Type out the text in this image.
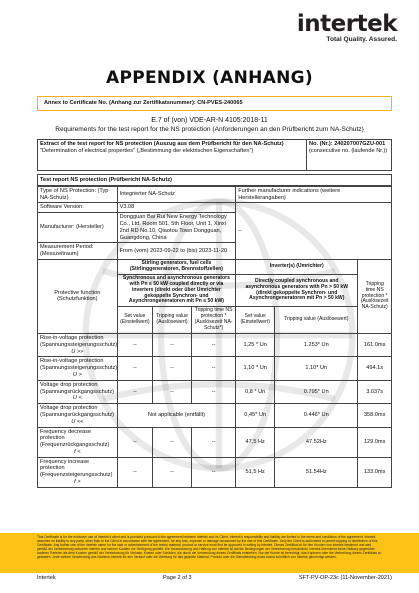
intertek
Total Quality. Assured.
APPENDIX (ANHANG)
Annex to Certificate No. (Anhang zur Zertifikatsnummer): CN-PVES-240065
E.7 of (von) VDE-AR-N 4105:2018-11
Requirements for the test report for the NS protection (Anforderungen an den Prüfbericht zum NA-Schutz)
Extract of the test report for NS protection (Auszug aus dem Prüfbericht für den NA-Schutz) "Determination of electrical properties" („Bestimmung der elektrischen Eigenschaften")	No. (Nr.): 240207007GZU-001 (consecutive no. (laufende Nr.))
Test report NS protection (Prüfbericht NA-Schutz)
Type of NS Protection: (Typ NA-Schutz)	Integrierter NA-Schutz			Further manufacturer indications (weitere Herstellerangaben)		
Software Version:	V3.08			--		
Manufacturer: (Hersteller)	Dongguan Bai Rui New Energy Technology Co., Ltd. Room 501, 5th Floor, Unit 1, Xinxi 2nd RD No.10, Qiaotou Town Dongguan, Guangdong, China					
Measurement Period: (Messzeitraum)	From (vom) 2023-09-22 to (bis) 2023-11-20					
Protective function (Schutzfunktion)	Stirling generators, fuel cells (Stirlinggeneratoren, Brennstoffzellen)			Inverter(s) (Umrichter)		Tripping time NS protection * (Auslösezeit NA-Schutz)
	Synchronous and asynchronous generators with Pn ≤ 50 kW coupled directly or via inverters (direkt oder über Umrichter gekoppelte Synchron- und Asynchrongeneratoren mit Pn ≤ 50 kW)			Directly coupled synchronous and asynchronous generators with Pn > 50 kW (direkt gekoppelte Synchron- und Asynchrongeneratoren mit Pn > 50 kW)		
	Set value (Einstellwert)	Tripping value (Auslösewert)	Tripping time NS protection * (Auslösezeit NA-Schutz*)	Set value (Einstellwert)	Tripping value (Auslösewert)	
Rise-in-voltage protection (Spannungssteigerungsschutz)
U >>	--	--	--	1,25 * Un	1.253* Un	161.0ms
Rise-in-voltage protection (Spannungssteigerungsschutz)
U >	--	--	--	1,10 * Un	1.10* Un	494.1s
Voltage drop protection (Spannungsrückgangsschutz)
U <	--	--	--	0,8 * Un	0.795* Un	3.037s
Voltage drop protection (Spannungsrückgangsschutz)
U <<	Not applicable (entfällt)			0,45* Un	0.446* Un	358.0ms
Frequency decrease protection (Frequenzrückgangsschutz)
f <	--	--	--	47,5 Hz	47.52Hz	129.0ms
Frequency increase protection (Frequenzsteigerungsschutz)
f >	--	--	--	51,5 Hz	51.54Hz	133.0ms
This Certificate is for the exclusive use of Intertek's client and is provided pursuant to the agreement between Intertek and its Client. Intertek's responsibility and liability are limited to the terms and conditions of the agreement. Intertek assumes no liability to any party, other than to the Client in accordance with the agreement, for any loss, expense or damage occasioned by the use of this Certificate. Only the Client is authorized to permit copying or distribution of this Certificate. Any further use of the Intertek name for the sale or advertisement of the tested material, product or service must first be approved in writing by Intertek. Dieses Zertifikat ist für den Kunden von Intertek bestimmt und wird gemäß der Vereinbarung zwischen Intertek und seinem Kunden zur Verfügung gestellt. Die Verantwortung und Haftung von Intertek ist auf die Bedingungen der Vereinbarung beschränkt. Intertek übernimmt keine Haftung gegenüber anderen Parteien als dem Kunden gemäß der Vereinbarung für Verluste, Kosten oder Schäden, die durch die Verwendung dieses Zertifikats entstehen. Nur der Kunde ist berechtigt, das Kopieren oder die Verbreitung dieses Zertifikats zu gestatten. Jede weitere Verwendung des Namens Intertek für den Verkauf oder die Werbung für das geprüfte Material, Produkt oder die Dienstleistung muss zuerst schriftlich von Intertek genehmigt werden.
Intertek	Page 2 of 3	SFT-PV-OP-23c (11-November-2021)
